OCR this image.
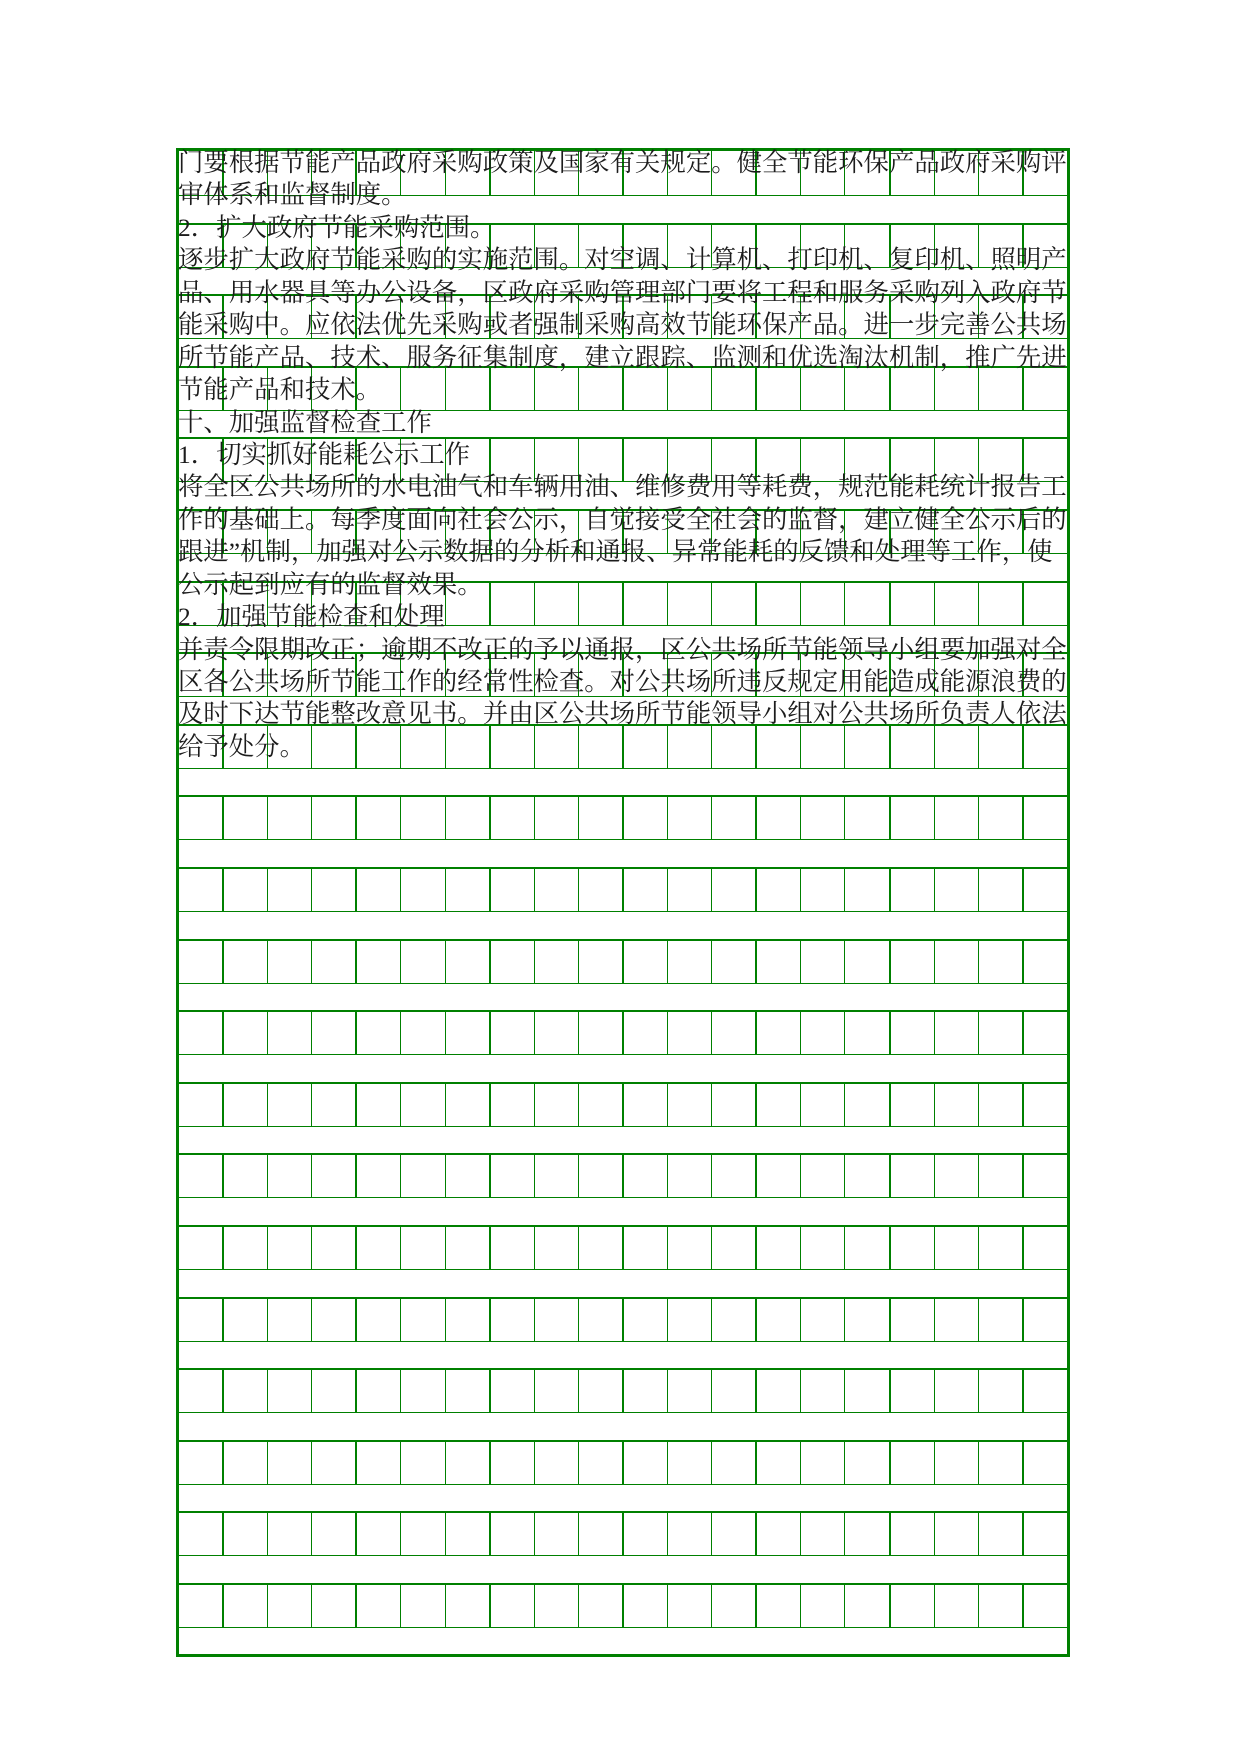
门要根据节能产品政府采购政策及国家有关规定。健全节能环保产品政府采购评
审体系和监督制度。
2．扩大政府节能采购范围。
逐步扩大政府节能采购的实施范围。对空调、计算机、打印机、复印机、照明产
品、用水器具等办公设备，区政府采购管理部门要将工程和服务采购列入政府节
能采购中。应依法优先采购或者强制采购高效节能环保产品。进一步完善公共场
所节能产品、技术、服务征集制度，建立跟踪、监测和优选淘汰机制，推广先进
节能产品和技术。
十、加强监督检查工作
1．切实抓好能耗公示工作
将全区公共场所的水电油气和车辆用油、维修费用等耗费，规范能耗统计报告工
作的基础上。每季度面向社会公示，自觉接受全社会的监督，建立健全公示后的
跟进”机制，加强对公示数据的分析和通报、异常能耗的反馈和处理等工作，使
公示起到应有的监督效果。
2．加强节能检查和处理
并责令限期改正；逾期不改正的予以通报，区公共场所节能领导小组要加强对全
区各公共场所节能工作的经常性检查。对公共场所违反规定用能造成能源浪费的
及时下达节能整改意见书。并由区公共场所节能领导小组对公共场所负责人依法
给予处分。
